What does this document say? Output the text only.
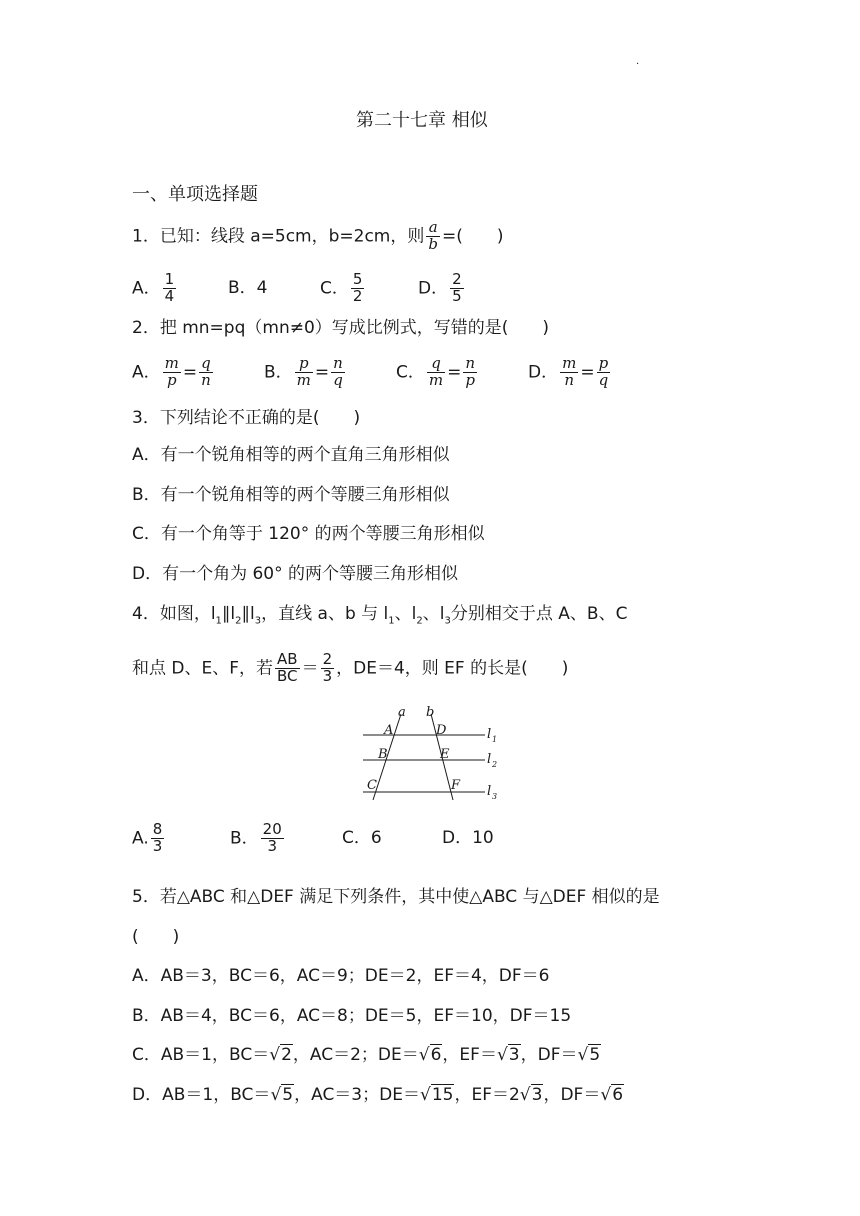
.
第二十七章 相似
一、单项选择题
1．已知：线段 a=5cm，b=2cm，则 $\frac{a}{b}$ =(　　)
A． $\frac{1}{4}$	B．4	C． $\frac{5}{2}$	D． $\frac{2}{5}$
2．把 mn=pq（mn≠0）写成比例式，写错的是(　　)
A． $\frac{m}{p} = \frac{q}{n}$	B． $\frac{p}{m} = \frac{n}{q}$	C． $\frac{q}{m} = \frac{n}{p}$	D． $\frac{m}{n} = \frac{p}{q}$
3．下列结论不正确的是(　　)
A．有一个锐角相等的两个直角三角形相似
B．有一个锐角相等的两个等腰三角形相似
C．有一个角等于 120° 的两个等腰三角形相似
D．有一个角为 60° 的两个等腰三角形相似
4．如图，$l_1\parallel l_2\parallel l_3$，直线 a、b 与 $l_1$、$l_2$、$l_3$分别相交于点 A、B、C
和点 D、E、F，若 $\frac{AB}{BC} = \frac{2}{3}$ ，DE＝4，则 EF 的长是(　　)
a b
A	D
B	E
C	F
l 1
l 2
l 3
A. $\frac{8}{3}$	B． $\frac{20}{3}$	C．6	D．10
5．若△ABC 和△DEF 满足下列条件，其中使△ABC 与△DEF 相似的是
(　　)
A．AB＝3，BC＝6，AC＝9；DE＝2，EF＝4，DF＝6
B．AB＝4，BC＝6，AC＝8；DE＝5，EF＝10，DF＝15
C．AB＝1，BC＝√2，AC＝2；DE＝√6，EF＝√3，DF＝√5
D．AB＝1，BC＝√5，AC＝3；DE＝√15，EF＝2√3，DF＝√6
